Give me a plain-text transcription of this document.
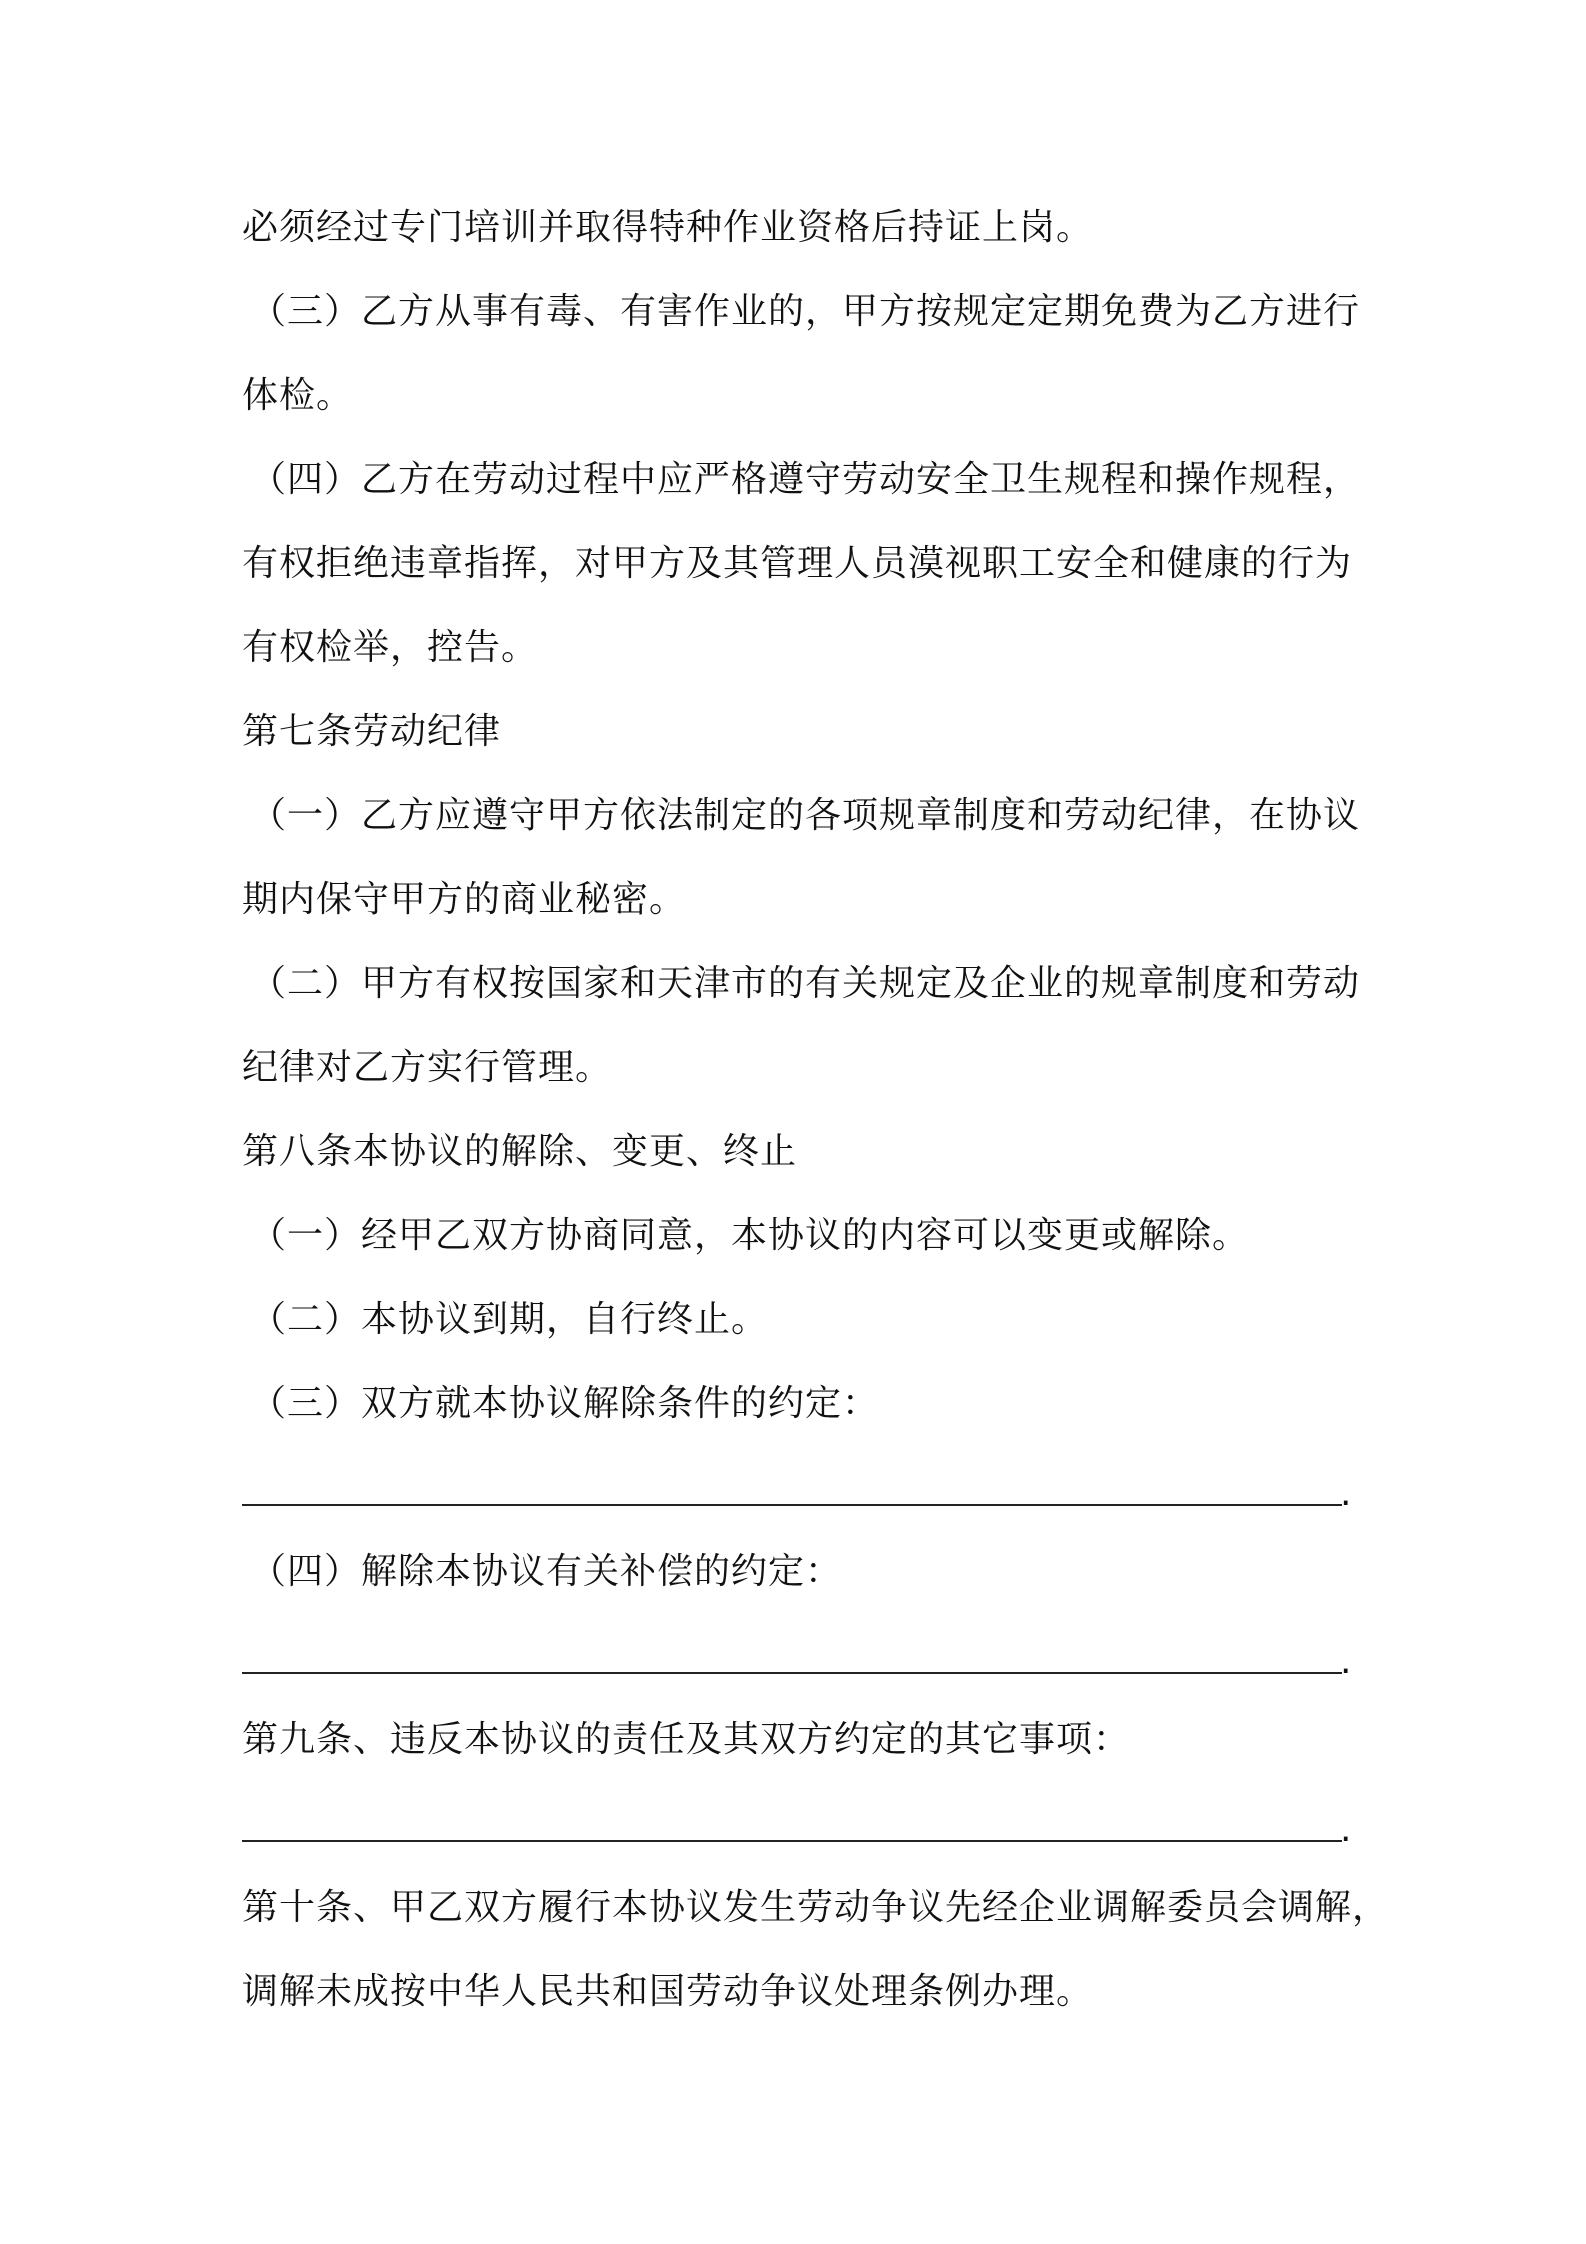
必须经过专门培训并取得特种作业资格后持证上岗。
（三）乙方从事有毒、有害作业的，甲方按规定定期免费为乙方进行
体检。
（四）乙方在劳动过程中应严格遵守劳动安全卫生规程和操作规程，
有权拒绝违章指挥，对甲方及其管理人员漠视职工安全和健康的行为
有权检举，控告。
第七条劳动纪律
（一）乙方应遵守甲方依法制定的各项规章制度和劳动纪律，在协议
期内保守甲方的商业秘密。
（二）甲方有权按国家和天津市的有关规定及企业的规章制度和劳动
纪律对乙方实行管理。
第八条本协议的解除、变更、终止
（一）经甲乙双方协商同意，本协议的内容可以变更或解除。
（二）本协议到期，自行终止。
（三）双方就本协议解除条件的约定：
.
（四）解除本协议有关补偿的约定：
.
第九条、违反本协议的责任及其双方约定的其它事项：
.
第十条、甲乙双方履行本协议发生劳动争议先经企业调解委员会调解，
调解未成按中华人民共和国劳动争议处理条例办理。
